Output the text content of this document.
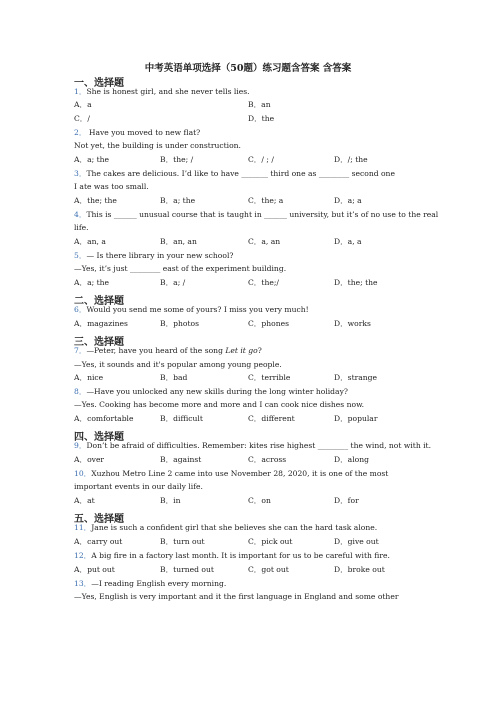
中考英语单项选择（50题）练习题含答案 含答案
一、选择题
1．She is honest girl, and she never tells lies.
A．a	B．an
C．/	D．the
2． Have you moved to new flat?
Not yet, the building is under construction.
A．a; the	B．the; /	C．/ ; /	D．/; the
3．The cakes are delicious. I’d like to have _______ third one as ________ second one
I ate was too small.
A．the; the	B．a; the	C．the; a	D．a; a
4．This is ______ unusual course that is taught in ______ university, but it’s of no use to the real
life.
A．an, a	B．an, an	C．a, an	D．a, a
5．— Is there library in your new school?
—Yes, it’s just ________ east of the experiment building.
A．a; the	B．a; /	C．the;/	D．the; the
二、选择题
6．Would you send me some of yours? I miss you very much!
A．magazines	B．photos	C．phones	D．works
三、选择题
7．—Peter, have you heard of the song Let it go?
—Yes, it sounds and it's popular among young people.
A．nice	B．bad	C．terrible	D．strange
8．—Have you unlocked any new skills during the long winter holiday?
—Yes. Cooking has become more and more and I can cook nice dishes now.
A．comfortable	B．difficult	C．different	D．popular
四、选择题
9．Don’t be afraid of difficulties. Remember: kites rise highest ________ the wind, not with it.
A．over	B．against	C．across	D．along
10．Xuzhou Metro Line 2 came into use November 28, 2020, it is one of the most
important events in our daily life.
A．at	B．in	C．on	D．for
五、选择题
11．Jane is such a confident girl that she believes she can the hard task alone.
A．carry out	B．turn out	C．pick out	D．give out
12．A big fire in a factory last month. It is important for us to be careful with fire.
A．put out	B．turned out	C．got out	D．broke out
13．—I reading English every morning.
—Yes, English is very important and it the first language in England and some other
